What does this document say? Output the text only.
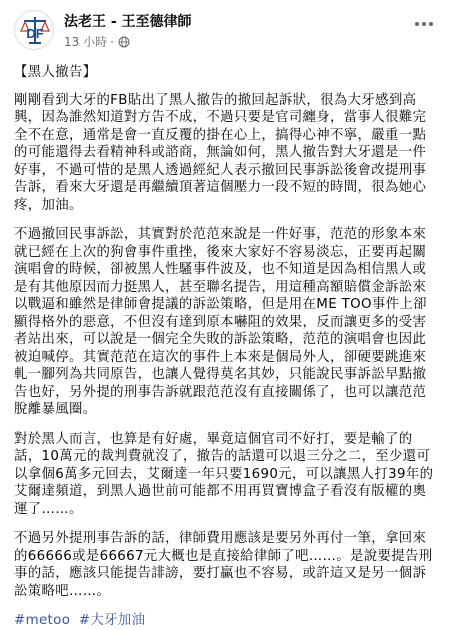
DF
法老王 - 王至德律師
13 小時 ·

【黑人撤告】

剛剛看到大牙的FB貼出了黑人撤告的撤回起訴狀，很為大牙感到高興，因為誰然知道對方告不成，不過只要是官司纏身，當事人很難完全不在意，通常是會一直反覆的掛在心上，搞得心神不寧，嚴重一點的可能還得去看精神科或諮商，無論如何，黑人撤告對大牙還是一件好事，不過可惜的是黑人透過經紀人表示撤回民事訴訟後會改提刑事告訴，看來大牙還是再繼續頂著這個壓力一段不短的時間，很為她心疼，加油。

不過撤回民事訴訟，其實對於范范來說是一件好事，范范的形象本來就已經在上次的狗會事件重挫，後來大家好不容易淡忘，正要再起關演唱會的時候，卻被黑人性騷事件波及，也不知道是因為相信黑人或是有其他原因而力挺黑人，甚至聯名提告，用這種高額賠償金訴訟來以戰逼和雖然是律師會提議的訴訟策略，但是用在ME TOO事件上卻顯得格外的惡意，不但沒有達到原本嚇阻的效果，反而讓更多的受害者站出來，可以說是一個完全失敗的訴訟策略，范范的演唱會也因此被迫喊停。其實范范在這次的事件上本來是個局外人，卻硬要跳進來軋一腳列為共同原告，也讓人覺得莫名其妙，只能說民事訴訟早點撤告也好，另外提的刑事告訴就跟范范沒有直接關係了，也可以讓范范脫離暴風圈。

對於黑人而言，也算是有好處，畢竟這個官司不好打，要是輸了的話，10萬元的裁判費就沒了，撤告的話還可以退三分之二，至少還可以拿個6萬多元回去，艾爾達一年只要1690元，可以讓黑人打39年的艾爾達頻道，到黑人過世前可能都不用再買寶博盒子看沒有版權的奧運了……。

不過另外提刑事告訴的話，律師費用應該是要另外再付一筆，拿回來的66666或是66667元大概也是直接給律師了吧……。是說要提告刑事的話，應該只能提告誹謗，要打贏也不容易，或許這又是另一個訴訟策略吧……。

#metoo #大牙加油
